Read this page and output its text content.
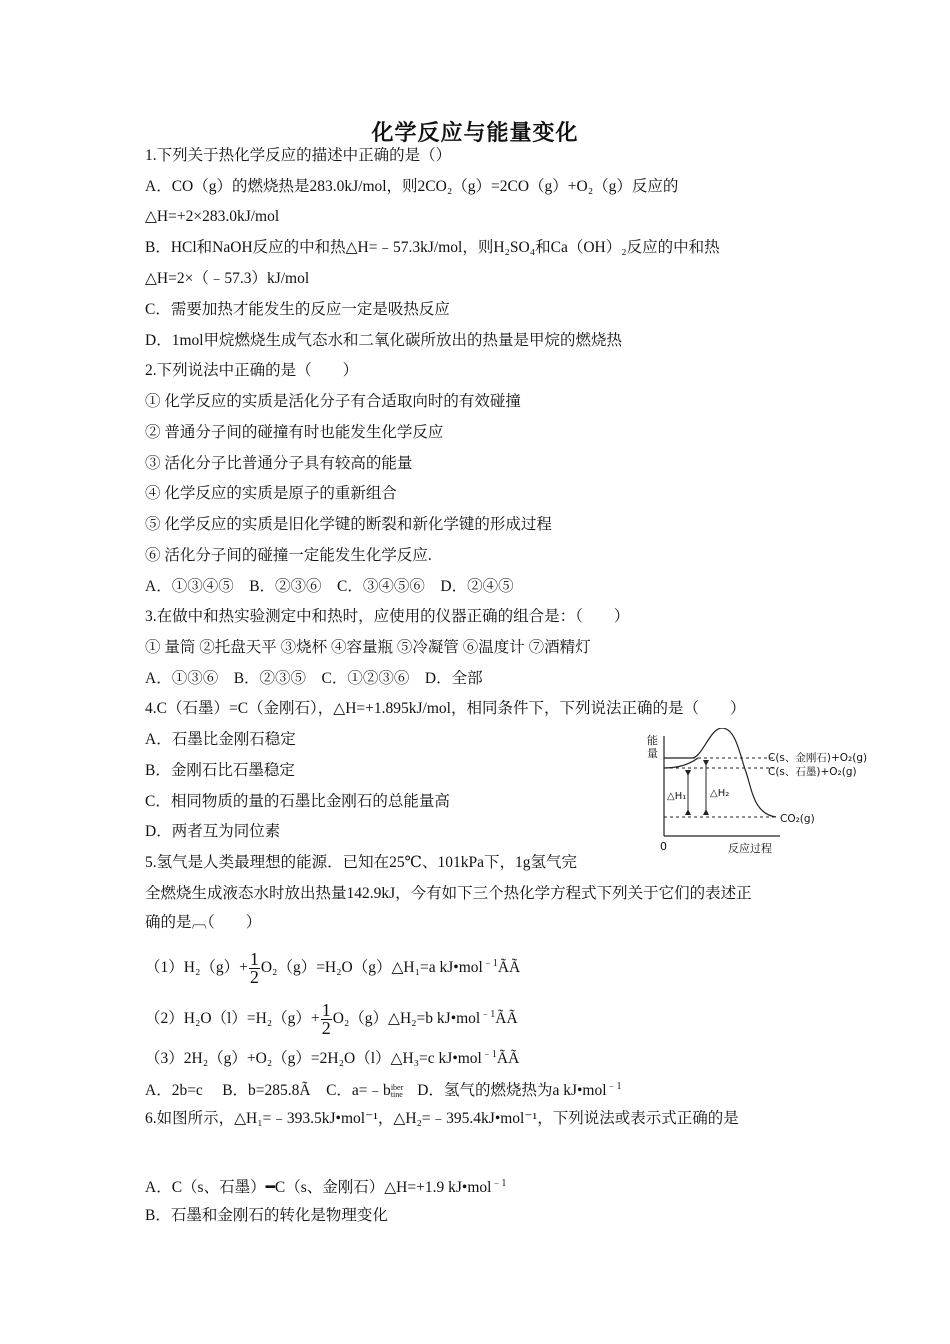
化学反应与能量变化
1.下列关于热化学反应的描述中正确的是（）
A．CO（g）的燃烧热是283.0kJ/mol，则2CO₂（g）=2CO（g）+O₂（g）反应的
△H=+2×283.0kJ/mol
B．HCl和NaOH反应的中和热△H=﹣57.3kJ/mol，则H₂SO₄和Ca（OH）₂反应的中和热
△H=2×（﹣57.3）kJ/mol
C．需要加热才能发生的反应一定是吸热反应
D．1mol甲烷燃烧生成气态水和二氧化碳所放出的热量是甲烷的燃烧热
2.下列说法中正确的是（　　）
① 化学反应的实质是活化分子有合适取向时的有效碰撞
② 普通分子间的碰撞有时也能发生化学反应
③ 活化分子比普通分子具有较高的能量
④ 化学反应的实质是原子的重新组合
⑤ 化学反应的实质是旧化学键的断裂和新化学键的形成过程
⑥ 活化分子间的碰撞一定能发生化学反应.
A．①③④⑤　B．②③⑥　C．③④⑤⑥　D．②④⑤
3.在做中和热实验测定中和热时，应使用的仪器正确的组合是：（　　）
① 量筒 ②托盘天平 ③烧杯 ④容量瓶 ⑤冷凝管 ⑥温度计 ⑦酒精灯
A．①③⑥　B．②③⑤　C．①②③⑥　D．全部
4.C（石墨）=C（金刚石），△H=+1.895kJ/mol，相同条件下，下列说法正确的是（　　）
A．石墨比金刚石稳定
B．金刚石比石墨稳定
C．相同物质的量的石墨比金刚石的总能量高
D．两者互为同位素
5.氢气是人类最理想的能源．已知在25℃、101kPa下，1g氢气完
全燃烧生成液态水时放出热量142.9kJ，今有如下三个热化学方程式下列关于它们的表述正
确的是︹（　　）
$(1)H_2(g)+ \frac{1}{2}$ O₂（g）=H₂O（g）△H₁=a kJ•mol$^{﹣1}$ÃÃ
$(2)H_2O(l)=H_2(g)+ \frac{1}{2}$ O₂（g）△H₂=b kJ•mol$^{﹣1}$ÃÃ
（3）2H₂（g）+O₂（g）=2H₂O（l）△H₃=c kJ•mol$^{﹣1}$ÃÃ
A．2b=c　 B．b=285.8Ã　C．a=﹣b iber
tine D．氢气的燃烧热为a kJ•mol$^{﹣1}$
6.如图所示，△H₁=﹣393.5kJ•mol⁻¹，△H₂=﹣395.4kJ•mol⁻¹，下列说法或表示式正确的是
A．C（s、石墨）━C（s、金刚石）△H=+1.9 kJ•mol$^{﹣1}$
B．石墨和金刚石的转化是物理变化
能
量
0	反应过程
C(s、金刚石)+O₂(g)
C(s、石墨)+O₂(g)
CO₂(g)
△H₁ △H₂
